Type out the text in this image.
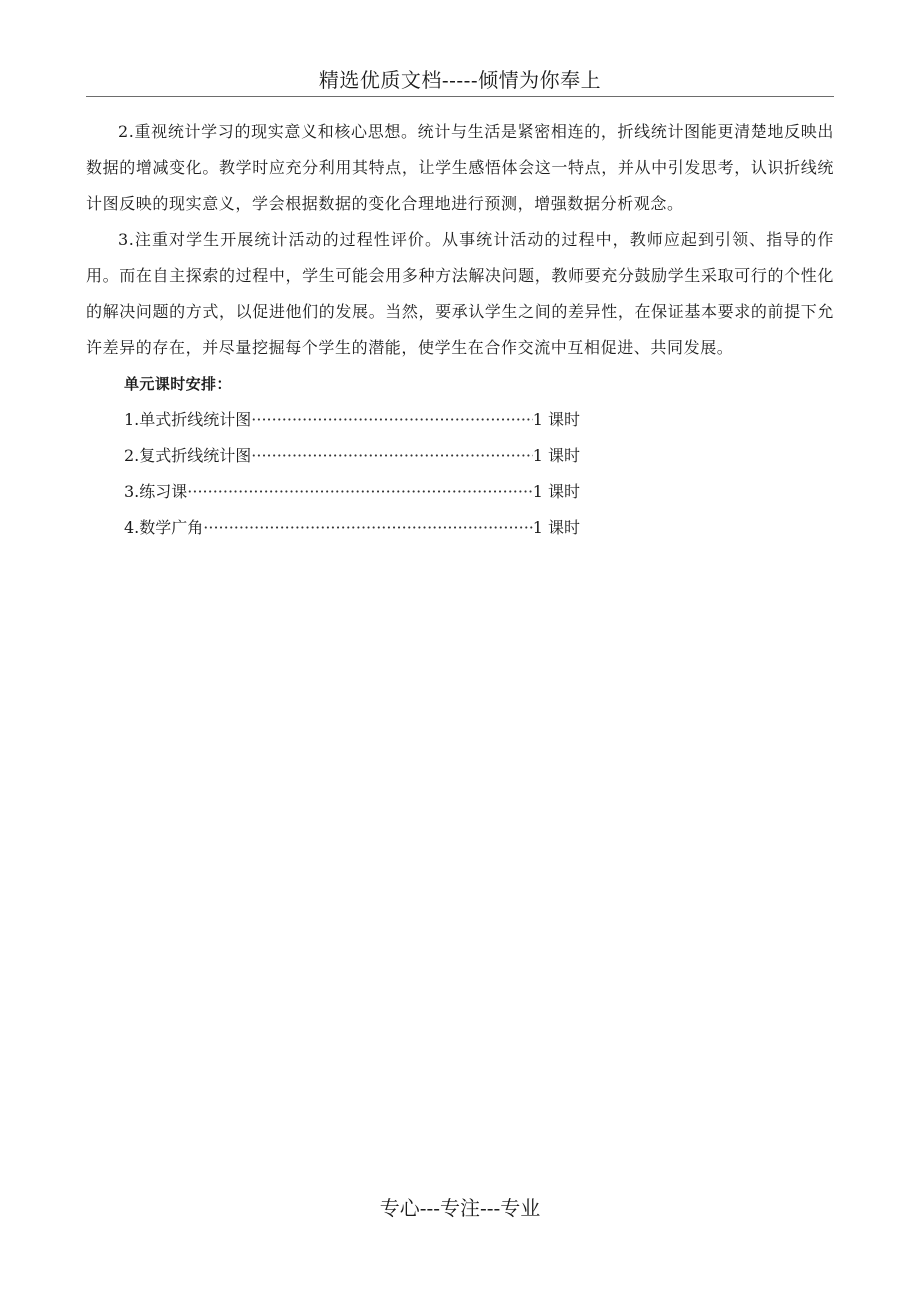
精选优质文档-----倾情为你奉上

2.重视统计学习的现实意义和核心思想。统计与生活是紧密相连的，折线统计图能更清楚地反映出数据的增减变化。教学时应充分利用其特点，让学生感悟体会这一特点，并从中引发思考，认识折线统计图反映的现实意义，学会根据数据的变化合理地进行预测，增强数据分析观念。

3.注重对学生开展统计活动的过程性评价。从事统计活动的过程中，教师应起到引领、指导的作用。而在自主探索的过程中，学生可能会用多种方法解决问题，教师要充分鼓励学生采取可行的个性化的解决问题的方式，以促进他们的发展。当然，要承认学生之间的差异性，在保证基本要求的前提下允许差异的存在，并尽量挖掘每个学生的潜能，使学生在合作交流中互相促进、共同发展。

单元课时安排：

1. 单式折线统计图 ·····	1 课时
2. 复式折线统计图 ·····	1 课时
3. 练习课 ·····	1 课时
4. 数学广角 ·····	1 课时
专心---专注---专业
